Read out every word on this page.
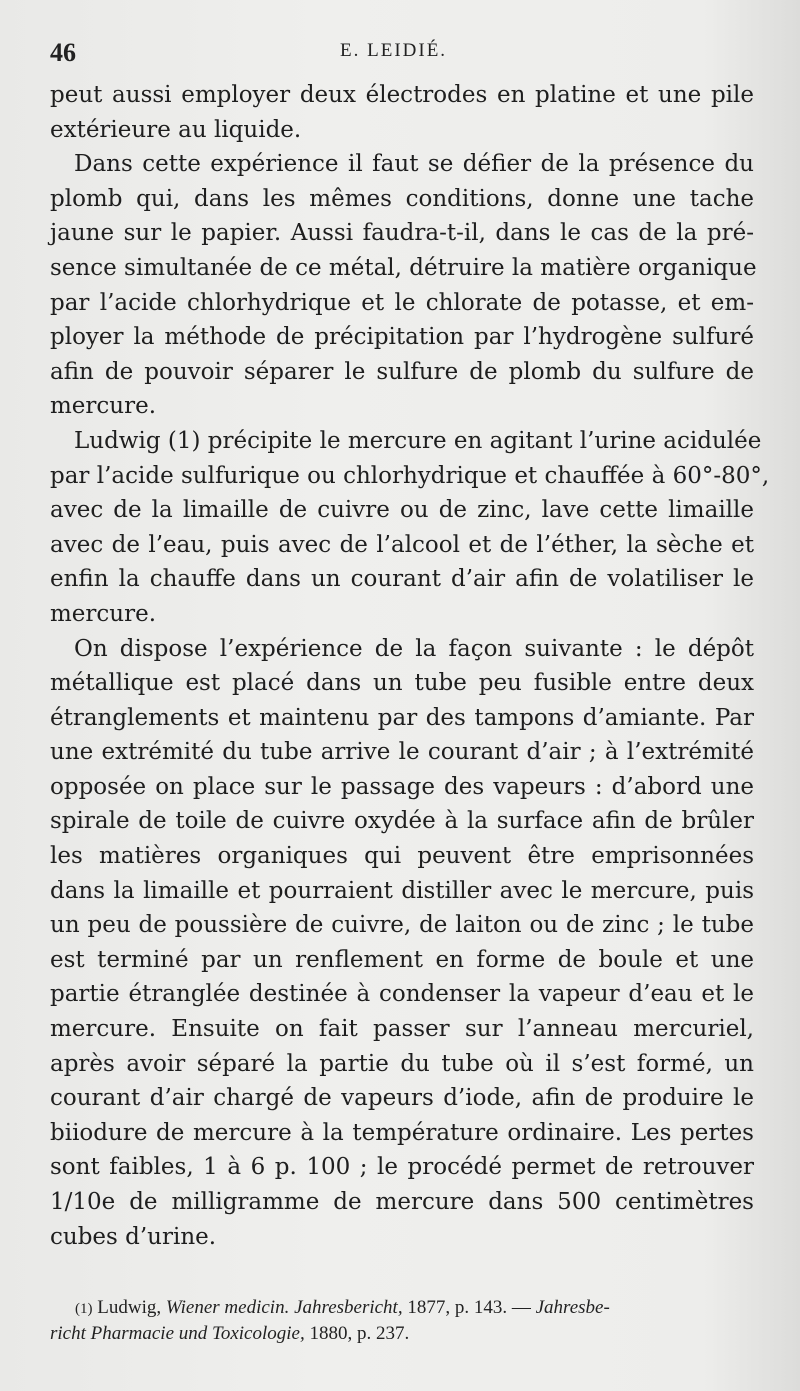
46	E. LEIDIÉ.
peut aussi employer deux électrodes en platine et une pile
extérieure au liquide.
Dans cette expérience il faut se défier de la présence du
plomb qui, dans les mêmes conditions, donne une tache
jaune sur le papier. Aussi faudra-t-il, dans le cas de la pré-
sence simultanée de ce métal, détruire la matière organique
par l’acide chlorhydrique et le chlorate de potasse, et em-
ployer la méthode de précipitation par l’hydrogène sulfuré
afin de pouvoir séparer le sulfure de plomb du sulfure de
mercure.
Ludwig (1) précipite le mercure en agitant l’urine acidulée
par l’acide sulfurique ou chlorhydrique et chauffée à 60°-80°,
avec de la limaille de cuivre ou de zinc, lave cette limaille
avec de l’eau, puis avec de l’alcool et de l’éther, la sèche et
enfin la chauffe dans un courant d’air afin de volatiliser le
mercure.
On dispose l’expérience de la façon suivante : le dépôt
métallique est placé dans un tube peu fusible entre deux
étranglements et maintenu par des tampons d’amiante. Par
une extrémité du tube arrive le courant d’air ; à l’extrémité
opposée on place sur le passage des vapeurs : d’abord une
spirale de toile de cuivre oxydée à la surface afin de brûler
les matières organiques qui peuvent être emprisonnées
dans la limaille et pourraient distiller avec le mercure, puis
un peu de poussière de cuivre, de laiton ou de zinc ; le tube
est terminé par un renflement en forme de boule et une
partie étranglée destinée à condenser la vapeur d’eau et le
mercure. Ensuite on fait passer sur l’anneau mercuriel,
après avoir séparé la partie du tube où il s’est formé, un
courant d’air chargé de vapeurs d’iode, afin de produire le
biiodure de mercure à la température ordinaire. Les pertes
sont faibles, 1 à 6 p. 100 ; le procédé permet de retrouver
1/10e de milligramme de mercure dans 500 centimètres
cubes d’urine.
(1) Ludwig, Wiener medicin. Jahresbericht, 1877, p. 143. — Jahresbe-
richt Pharmacie und Toxicologie, 1880, p. 237.
